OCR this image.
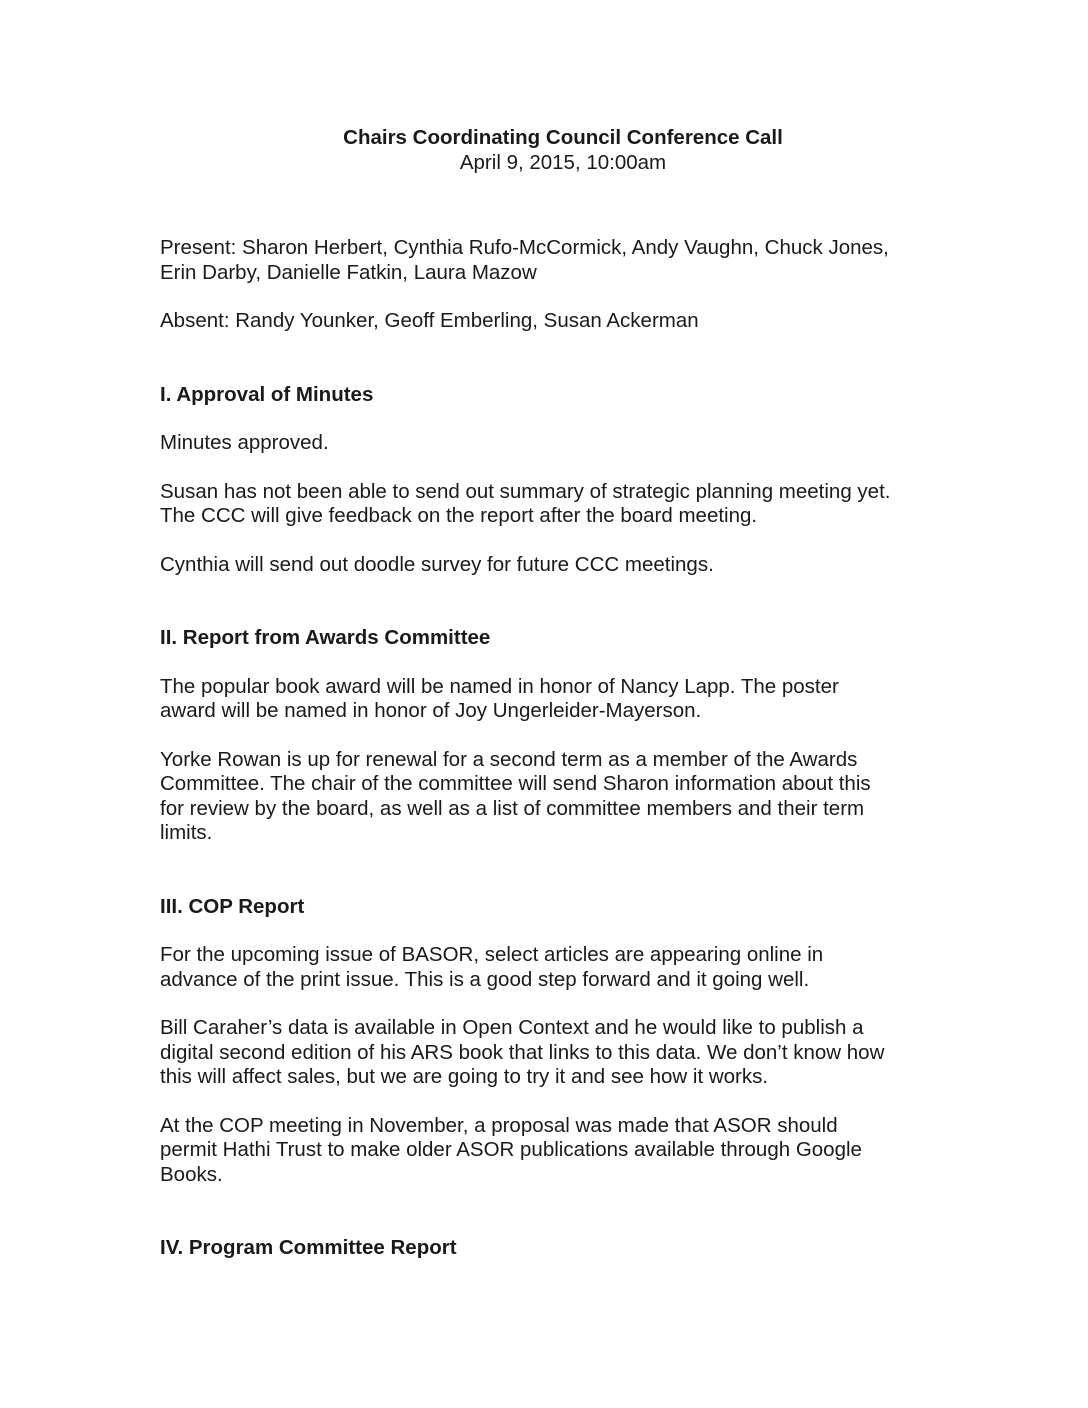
Chairs Coordinating Council Conference Call

April 9, 2015, 10:00am

Present: Sharon Herbert, Cynthia Rufo-McCormick, Andy Vaughn, Chuck Jones,
Erin Darby, Danielle Fatkin, Laura Mazow

Absent: Randy Younker, Geoff Emberling, Susan Ackerman

I. Approval of Minutes

Minutes approved.

Susan has not been able to send out summary of strategic planning meeting yet.
The CCC will give feedback on the report after the board meeting.

Cynthia will send out doodle survey for future CCC meetings.

II. Report from Awards Committee

The popular book award will be named in honor of Nancy Lapp. The poster
award will be named in honor of Joy Ungerleider-Mayerson.

Yorke Rowan is up for renewal for a second term as a member of the Awards
Committee. The chair of the committee will send Sharon information about this
for review by the board, as well as a list of committee members and their term
limits.

III. COP Report

For the upcoming issue of BASOR, select articles are appearing online in
advance of the print issue. This is a good step forward and it going well.

Bill Caraher’s data is available in Open Context and he would like to publish a
digital second edition of his ARS book that links to this data. We don’t know how
this will affect sales, but we are going to try it and see how it works.

At the COP meeting in November, a proposal was made that ASOR should
permit Hathi Trust to make older ASOR publications available through Google
Books.

IV. Program Committee Report
